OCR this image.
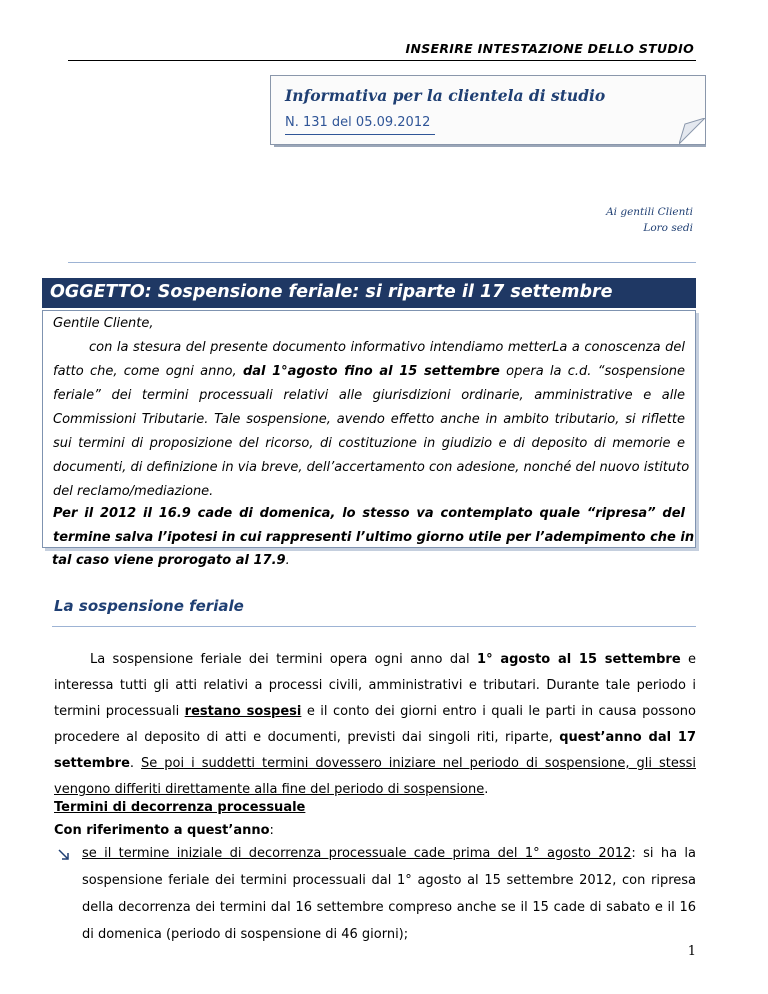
INSERIRE INTESTAZIONE DELLO STUDIO
Informativa per la clientela di studio
N. 131 del 05.09.2012
Ai gentili Clienti
Loro sedi
OGGETTO: Sospensione feriale: si riparte il 17 settembre
Gentile Cliente,
con la stesura del presente documento informativo intendiamo metterLa a conoscenza del
fatto che, come ogni anno, dal 1°agosto fino al 15 settembre opera la c.d. “sospensione
feriale” dei termini processuali relativi alle giurisdizioni ordinarie, amministrative e alle
Commissioni Tributarie. Tale sospensione, avendo effetto anche in ambito tributario, si riflette
sui termini di proposizione del ricorso, di costituzione in giudizio e di deposito di memorie e
documenti, di definizione in via breve, dell’accertamento con adesione, nonché del nuovo istituto
del reclamo/mediazione.
Per il 2012 il 16.9 cade di domenica, lo stesso va contemplato quale “ripresa” del
termine salva l’ipotesi in cui rappresenti l’ultimo giorno utile per l’adempimento che in
tal caso viene prorogato al 17.9.
La sospensione feriale
La sospensione feriale dei termini opera ogni anno dal 1° agosto al 15 settembre e
interessa tutti gli atti relativi a processi civili, amministrativi e tributari. Durante tale periodo i
termini processuali restano sospesi e il conto dei giorni entro i quali le parti in causa possono
procedere al deposito di atti e documenti, previsti dai singoli riti, riparte, quest’anno dal 17
settembre. Se poi i suddetti termini dovessero iniziare nel periodo di sospensione, gli stessi
vengono differiti direttamente alla fine del periodo di sospensione.
Termini di decorrenza processuale
Con riferimento a quest’anno:
se il termine iniziale di decorrenza processuale cade prima del 1° agosto 2012: si ha la
sospensione feriale dei termini processuali dal 1° agosto al 15 settembre 2012, con ripresa
della decorrenza dei termini dal 16 settembre compreso anche se il 15 cade di sabato e il 16
di domenica (periodo di sospensione di 46 giorni);
1
